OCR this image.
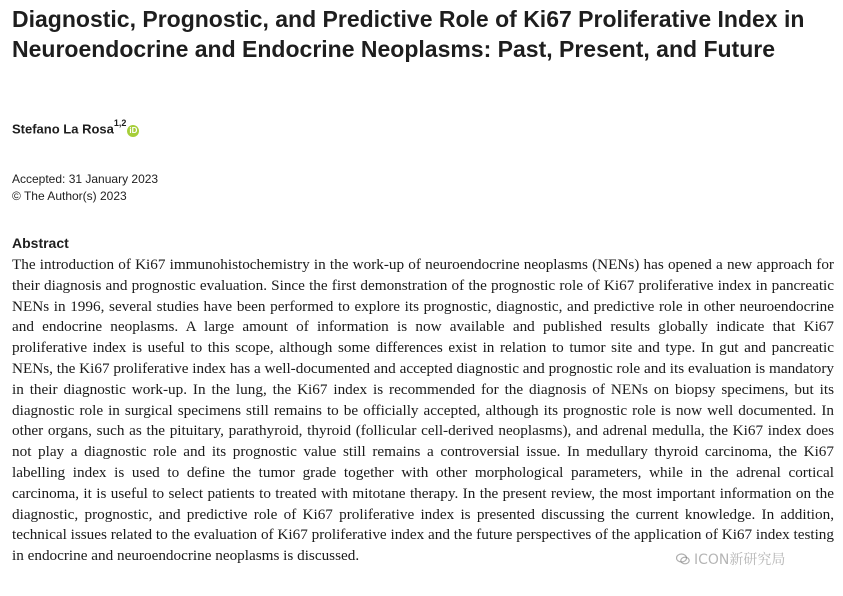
Diagnostic, Prognostic, and Predictive Role of Ki67 Proliferative Index in Neuroendocrine and Endocrine Neoplasms: Past, Present, and Future
Stefano La Rosa$^{1,2}$iD
Accepted: 31 January 2023
© The Author(s) 2023
Abstract
The introduction of Ki67 immunohistochemistry in the work-up of neuroendocrine neoplasms (NENs) has opened a new approach for their diagnosis and prognostic evaluation. Since the first demonstration of the prognostic role of Ki67 proliferative index in pancreatic NENs in 1996, several studies have been performed to explore its prognostic, diagnostic, and predictive role in other neuroendocrine and endocrine neoplasms. A large amount of information is now available and published results globally indicate that Ki67 proliferative index is useful to this scope, although some differences exist in relation to tumor site and type. In gut and pancreatic NENs, the Ki67 proliferative index has a well-documented and accepted diagnostic and prognostic role and its evaluation is mandatory in their diagnostic work-up. In the lung, the Ki67 index is recommended for the diagnosis of NENs on biopsy specimens, but its diagnostic role in surgical specimens still remains to be officially accepted, although its prognostic role is now well documented. In other organs, such as the pituitary, parathyroid, thyroid (follicular cell-derived neoplasms), and adrenal medulla, the Ki67 index does not play a diagnostic role and its prognostic value still remains a controversial issue. In medullary thyroid carcinoma, the Ki67 labelling index is used to define the tumor grade together with other morphological parameters, while in the adrenal cortical carcinoma, it is useful to select patients to treated with mitotane therapy. In the present review, the most important information on the diagnostic, prognostic, and predictive role of Ki67 proliferative index is presented discussing the current knowledge. In addition, technical issues related to the evaluation of Ki67 proliferative index and the future perspectives of the application of Ki67 index testing in endocrine and neuroendocrine neoplasms is discussed.	ICON新研究局
